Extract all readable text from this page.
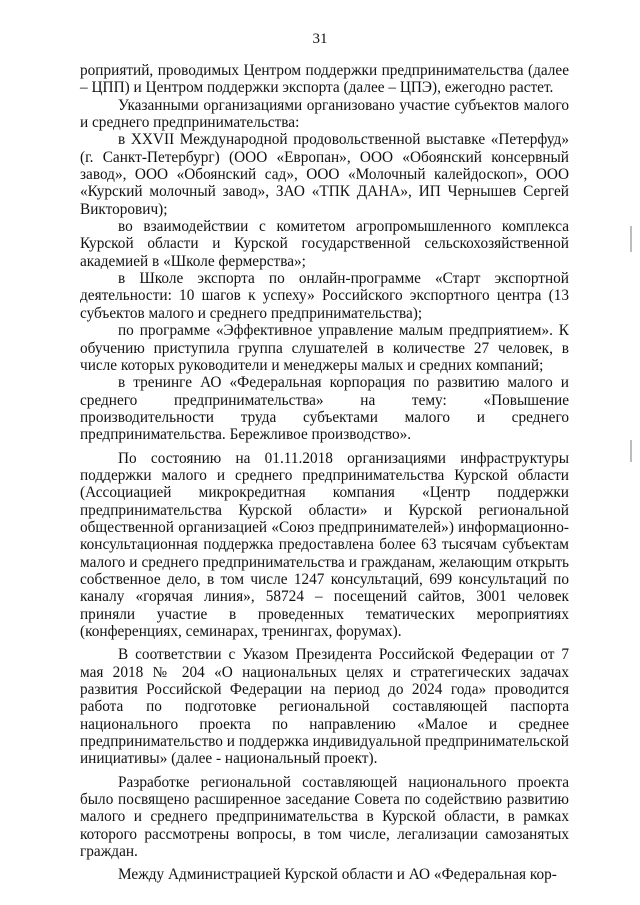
31

роприятий, проводимых Центром поддержки предпринимательства (далее – ЦПП) и Центром поддержки экспорта (далее – ЦПЭ), ежегодно растет.

Указанными организациями организовано участие субъектов малого и среднего предпринимательства:

в XXVII Международной продовольственной выставке «Петерфуд» (г. Санкт-Петербург) (ООО «Европан», ООО «Обоянский консервный завод», ООО «Обоянский сад», ООО «Молочный калейдоскоп», ООО «Курский молочный завод», ЗАО «ТПК ДАНА», ИП Чернышев Сергей Викторович);

во взаимодействии с комитетом агропромышленного комплекса Курской области и Курской государственной сельскохозяйственной академией в «Школе фермерства»;

в Школе экспорта по онлайн-программе «Старт экспортной деятельности: 10 шагов к успеху» Российского экспортного центра (13 субъектов малого и среднего предпринимательства);

по программе «Эффективное управление малым предприятием». К обучению приступила группа слушателей в количестве 27 человек, в числе которых руководители и менеджеры малых и средних компаний;

в тренинге АО «Федеральная корпорация по развитию малого и среднего предпринимательства» на тему: «Повышение производительности труда субъектами малого и среднего предпринимательства. Бережливое производство».

По состоянию на 01.11.2018 организациями инфраструктуры поддержки малого и среднего предпринимательства Курской области (Ассоциацией микрокредитная компания «Центр поддержки предпринимательства Курской области» и Курской региональной общественной организацией «Союз предпринимателей») информационно-консультационная поддержка предоставлена более 63 тысячам субъектам малого и среднего предпринимательства и гражданам, желающим открыть собственное дело, в том числе 1247 консультаций, 699 консультаций по каналу «горячая линия», 58724 – посещений сайтов, 3001 человек приняли участие в проведенных тематических мероприятиях (конференциях, семинарах, тренингах, форумах).

В соответствии с Указом Президента Российской Федерации от 7 мая 2018 № 204 «О национальных целях и стратегических задачах развития Российской Федерации на период до 2024 года» проводится работа по подготовке региональной составляющей паспорта национального проекта по направлению «Малое и среднее предпринимательство и поддержка индивидуальной предпринимательской инициативы» (далее - национальный проект).

Разработке региональной составляющей национального проекта было посвящено расширенное заседание Совета по содействию развитию малого и среднего предпринимательства в Курской области, в рамках которого рассмотрены вопросы, в том числе, легализации самозанятых граждан.

Между Администрацией Курской области и АО «Федеральная кор-
